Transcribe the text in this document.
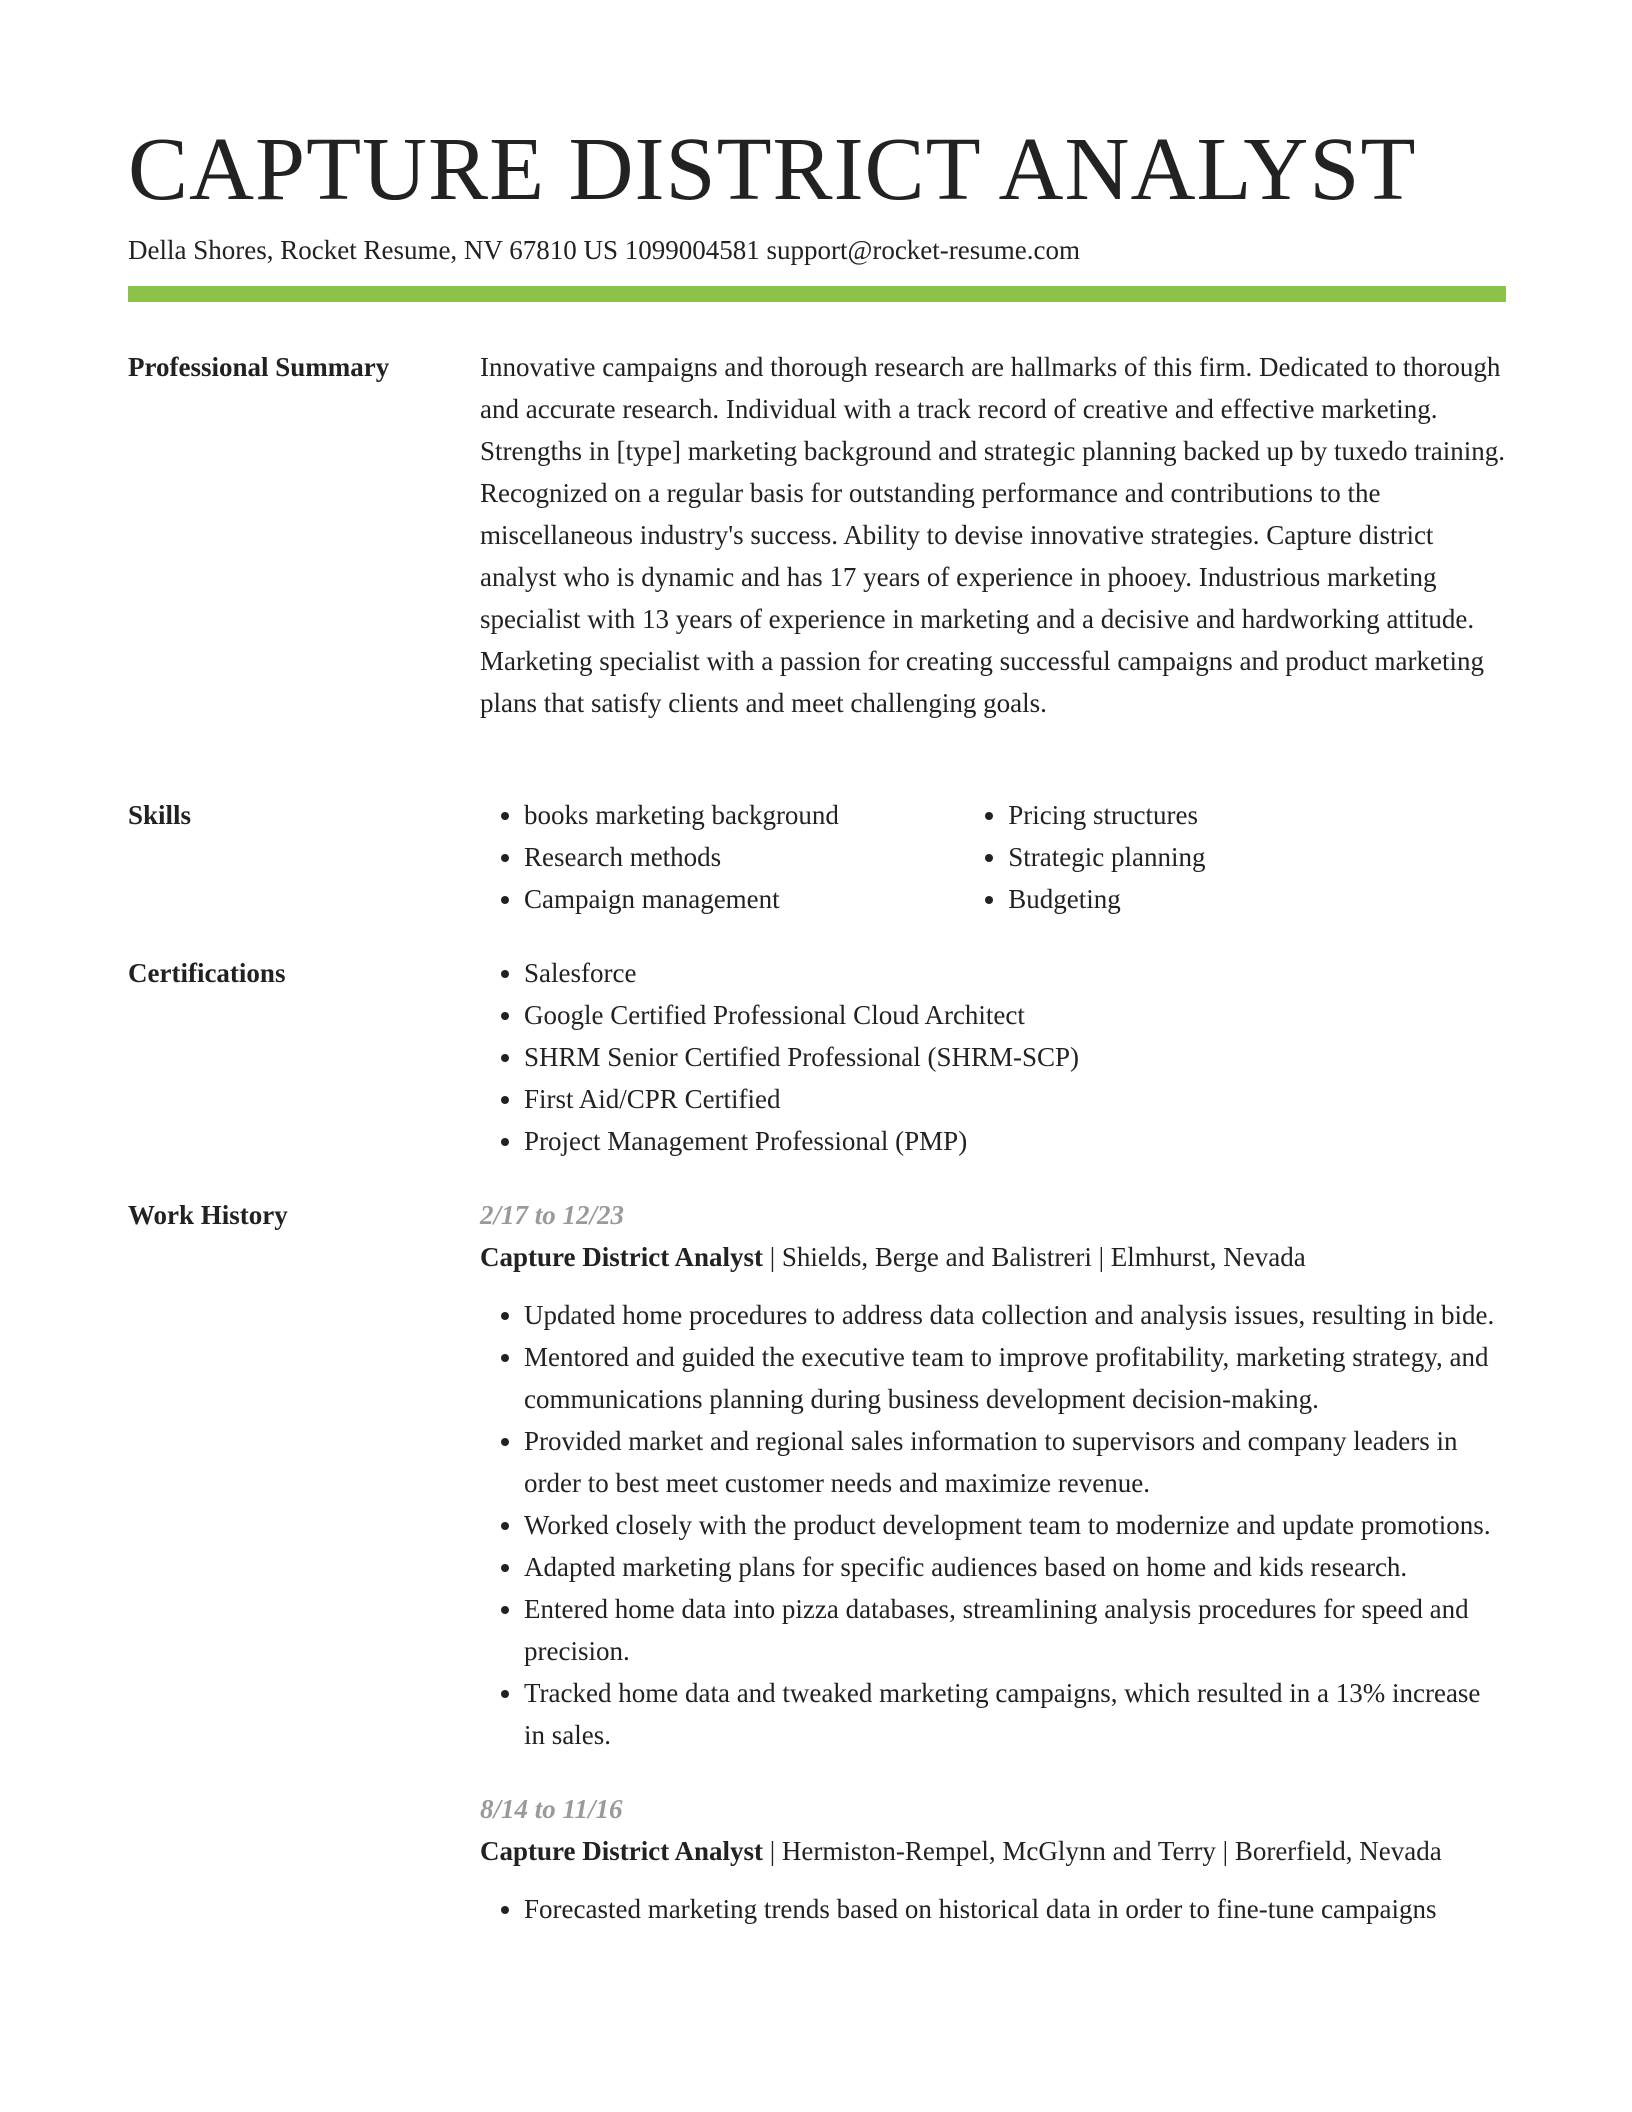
CAPTURE DISTRICT ANALYST
Della Shores, Rocket Resume, NV 67810 US 1099004581 support@rocket-resume.com
Professional Summary	Innovative campaigns and thorough research are hallmarks of this firm. Dedicated to thorough and accurate research. Individual with a track record of creative and effective marketing. Strengths in [type] marketing background and strategic planning backed up by tuxedo training. Recognized on a regular basis for outstanding performance and contributions to the miscellaneous industry's success. Ability to devise innovative strategies. Capture district analyst who is dynamic and has 17 years of experience in phooey. Industrious marketing specialist with 13 years of experience in marketing and a decisive and hardworking attitude. Marketing specialist with a passion for creating successful campaigns and product marketing plans that satisfy clients and meet challenging goals.

Skills	• books marketing background
• Research methods
• Campaign management
• Pricing structures
• Strategic planning
• Budgeting
Certifications	• Salesforce
• Google Certified Professional Cloud Architect
• SHRM Senior Certified Professional (SHRM-SCP)
• First Aid/CPR Certified
• Project Management Professional (PMP)
Work History	2/17 to 12/23

Capture District Analyst | Shields, Berge and Balistreri | Elmhurst, Nevada

• Updated home procedures to address data collection and analysis issues, resulting in bide.
• Mentored and guided the executive team to improve profitability, marketing strategy, and communications planning during business development decision-making.
• Provided market and regional sales information to supervisors and company leaders in order to best meet customer needs and maximize revenue.
• Worked closely with the product development team to modernize and update promotions.
• Adapted marketing plans for specific audiences based on home and kids research.
• Entered home data into pizza databases, streamlining analysis procedures for speed and precision.
• Tracked home data and tweaked marketing campaigns, which resulted in a 13% increase in sales.
8/14 to 11/16

Capture District Analyst | Hermiston-Rempel, McGlynn and Terry | Borerfield, Nevada

• Forecasted marketing trends based on historical data in order to fine-tune campaigns
